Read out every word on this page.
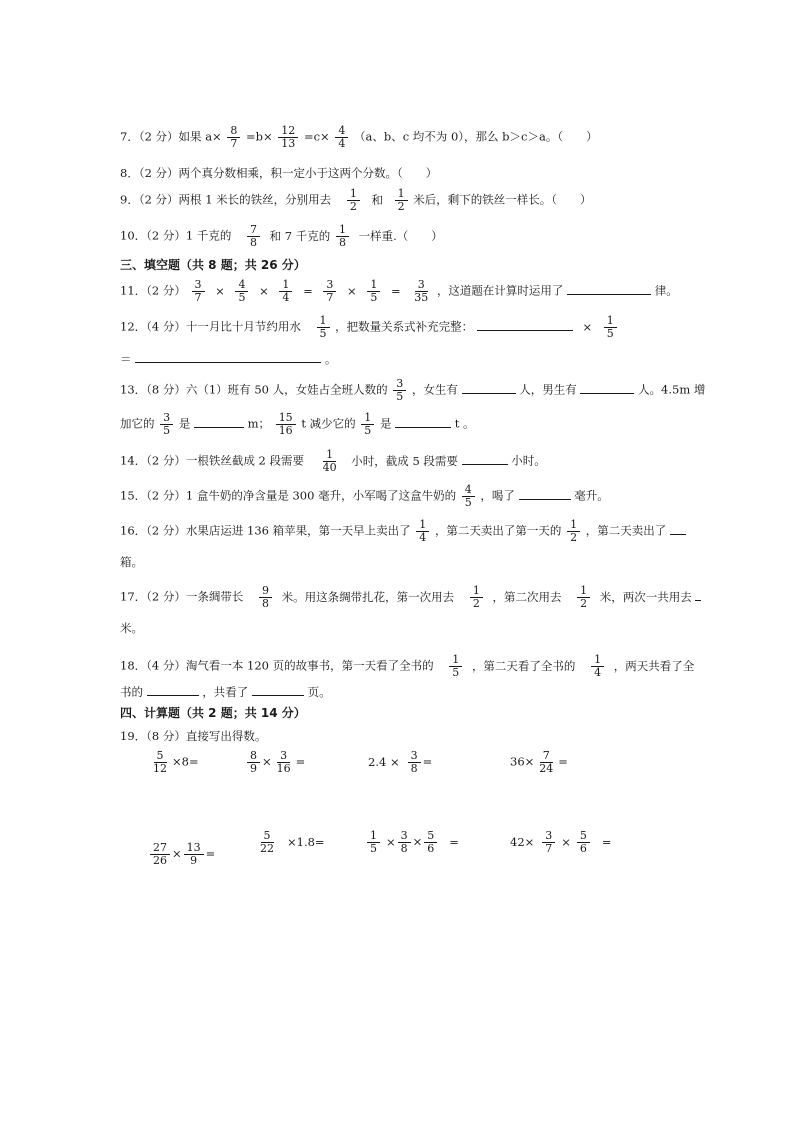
7．（2 分）如果 $a\times \frac{8}{7} =b\times \frac{12}{13} =c\times \frac{4}{4} (a$、b、c 均不为 0），那么 b＞c＞a。（　　）
8．（2 分）两个真分数相乘，积一定小于这两个分数。（　　）
9．（2 分）两根 1 米长的铁丝，分别用去 $\frac{1}{2}$ 和 $\frac{1}{2}$ 米后，剩下的铁丝一样长。（　　）
10．（2 分）1 千克的 $\frac{7}{8}$ 和 7 千克的 $\frac{1}{8}$ 一样重.（　　）
三、填空题（共 8 题；共 26 分）
11．（2 分） $\frac{3}{7} \times \frac{4}{5} \times \frac{1}{4} = \frac{3}{7} \times \frac{1}{5} = \frac{3}{35}$ ，这道题在计算时运用了	律。
12．（4 分）十一月比十月节约用水 $\frac{1}{5}$ ，把数量关系式补充完整：	× $\frac{1}{5}$
＝	。
13．（8 分）六（1）班有 50 人，女娃占全班人数的 $\frac{3}{5}$ ，女生有	人，男生有	人。4.5m 增
加它的 $\frac{3}{5}$ 是	m； $\frac{15}{16}$ t 减少它的 $\frac{1}{5}$ 是	t 。
14．（2 分）一根铁丝截成 2 段需要 $\frac{1}{40}$ 小时，截成 5 段需要	小时。
15．（2 分）1 盒牛奶的净含量是 300 毫升，小军喝了这盒牛奶的 $\frac{4}{5}$ ，喝了	毫升。
16．（2 分）水果店运进 136 箱苹果，第一天早上卖出了 $\frac{1}{4}$ ，第二天卖出了第一天的 $\frac{1}{2}$ ，第二天卖出了
箱。
17．（2 分）一条绸带长 $\frac{9}{8}$ 米。用这条绸带扎花，第一次用去 $\frac{1}{2}$ ，第二次用去 $\frac{1}{2}$ 米，两次一共用去
米。
18．（4 分）淘气看一本 120 页的故事书，第一天看了全书的 $\frac{1}{5}$ ，第二天看了全书的 $\frac{1}{4}$ ，两天共看了全
书的	，共看了	页。
四、计算题（共 2 题；共 14 分）
19．（8 分）直接写出得数。
$\frac{5}{12} \times 8=$	$\frac{8}{9} \times \frac{3}{16}$ =	$2.4 \times \frac{3}{8}$ =	$36\times \frac{7}{24}$ =
$\frac{27}{26} \times \frac{13}{9}$ =	$\frac{5}{22} \times 1.8=$	$\frac{1}{5} \times \frac{3}{8} \times \frac{5}{6}$ =	$42\times \frac{3}{7} \times \frac{5}{6}$ =
